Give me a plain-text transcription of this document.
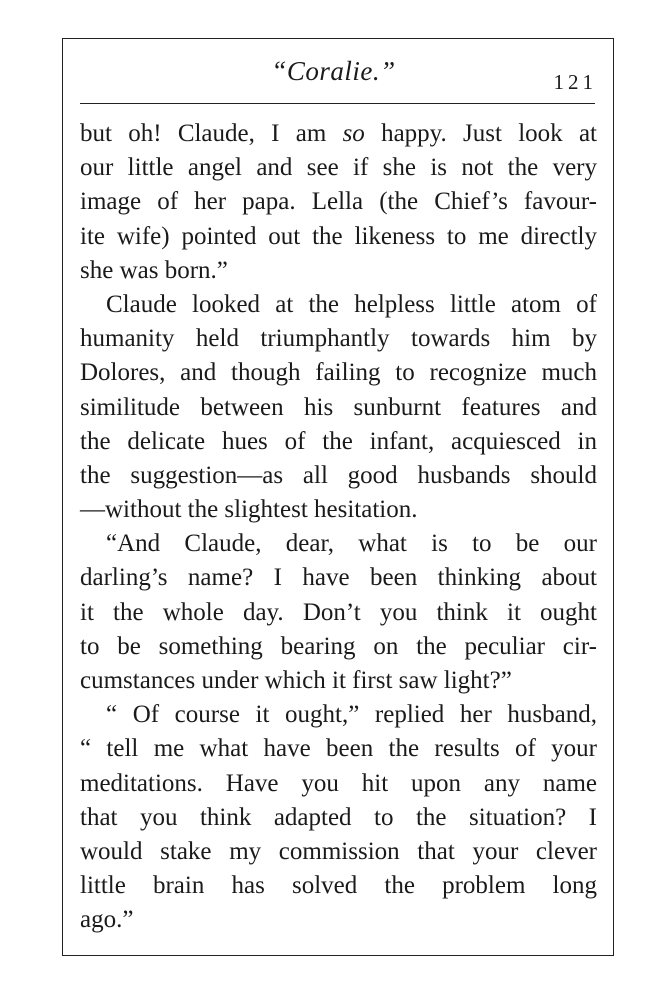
“Coralie.”	121
but oh! Claude, I am so happy. Just look at
our little angel and see if she is not the very
image of her papa. Lella (the Chief’s favour-
ite wife) pointed out the likeness to me directly
she was born.”
Claude looked at the helpless little atom of
humanity held triumphantly towards him by
Dolores, and though failing to recognize much
similitude between his sunburnt features and
the delicate hues of the infant, acquiesced in
the suggestion—as all good husbands should
—without the slightest hesitation.
“And Claude, dear, what is to be our
darling’s name? I have been thinking about
it the whole day. Don’t you think it ought
to be something bearing on the peculiar cir-
cumstances under which it first saw light?”
“ Of course it ought,” replied her husband,
“ tell me what have been the results of your
meditations. Have you hit upon any name
that you think adapted to the situation? I
would stake my commission that your clever
little brain has solved the problem long
ago.”
